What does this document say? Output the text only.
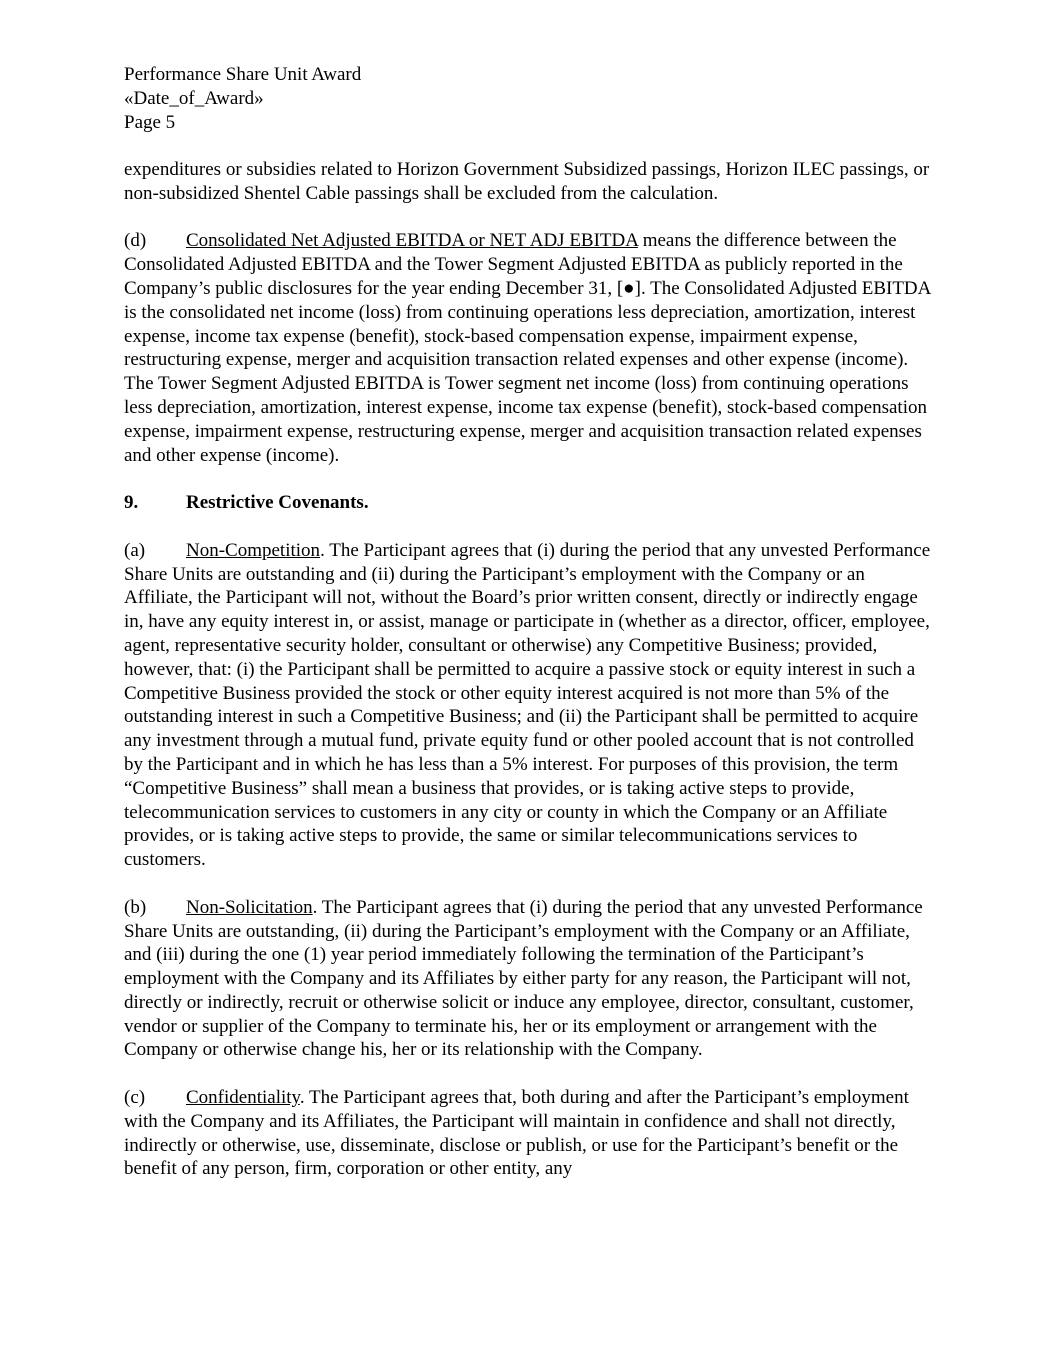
Performance Share Unit Award
«Date_of_Award»
Page 5

expenditures or subsidies related to Horizon Government Subsidized passings, Horizon ILEC passings, or non-subsidized Shentel Cable passings shall be excluded from the calculation.

(d) Consolidated Net Adjusted EBITDA or NET ADJ EBITDA means the difference between the Consolidated Adjusted EBITDA and the Tower Segment Adjusted EBITDA as publicly reported in the Company’s public disclosures for the year ending December 31, [●]. The Consolidated Adjusted EBITDA is the consolidated net income (loss) from continuing operations less depreciation, amortization, interest expense, income tax expense (benefit), stock-based compensation expense, impairment expense, restructuring expense, merger and acquisition transaction related expenses and other expense (income). The Tower Segment Adjusted EBITDA is Tower segment net income (loss) from continuing operations less depreciation, amortization, interest expense, income tax expense (benefit), stock-based compensation expense, impairment expense, restructuring expense, merger and acquisition transaction related expenses and other expense (income).

9.	Restrictive Covenants.

(a) Non-Competition. The Participant agrees that (i) during the period that any unvested Performance Share Units are outstanding and (ii) during the Participant’s employment with the Company or an Affiliate, the Participant will not, without the Board’s prior written consent, directly or indirectly engage in, have any equity interest in, or assist, manage or participate in (whether as a director, officer, employee, agent, representative security holder, consultant or otherwise) any Competitive Business; provided, however, that: (i) the Participant shall be permitted to acquire a passive stock or equity interest in such a Competitive Business provided the stock or other equity interest acquired is not more than 5% of the outstanding interest in such a Competitive Business; and (ii) the Participant shall be permitted to acquire any investment through a mutual fund, private equity fund or other pooled account that is not controlled by the Participant and in which he has less than a 5% interest. For purposes of this provision, the term “Competitive Business” shall mean a business that provides, or is taking active steps to provide, telecommunication services to customers in any city or county in which the Company or an Affiliate provides, or is taking active steps to provide, the same or similar telecommunications services to customers.

(b) Non-Solicitation. The Participant agrees that (i) during the period that any unvested Performance Share Units are outstanding, (ii) during the Participant’s employment with the Company or an Affiliate, and (iii) during the one (1) year period immediately following the termination of the Participant’s employment with the Company and its Affiliates by either party for any reason, the Participant will not, directly or indirectly, recruit or otherwise solicit or induce any employee, director, consultant, customer, vendor or supplier of the Company to terminate his, her or its employment or arrangement with the Company or otherwise change his, her or its relationship with the Company.

(c) Confidentiality. The Participant agrees that, both during and after the Participant’s employment with the Company and its Affiliates, the Participant will maintain in confidence and shall not directly, indirectly or otherwise, use, disseminate, disclose or publish, or use for the Participant’s benefit or the benefit of any person, firm, corporation or other entity, any
